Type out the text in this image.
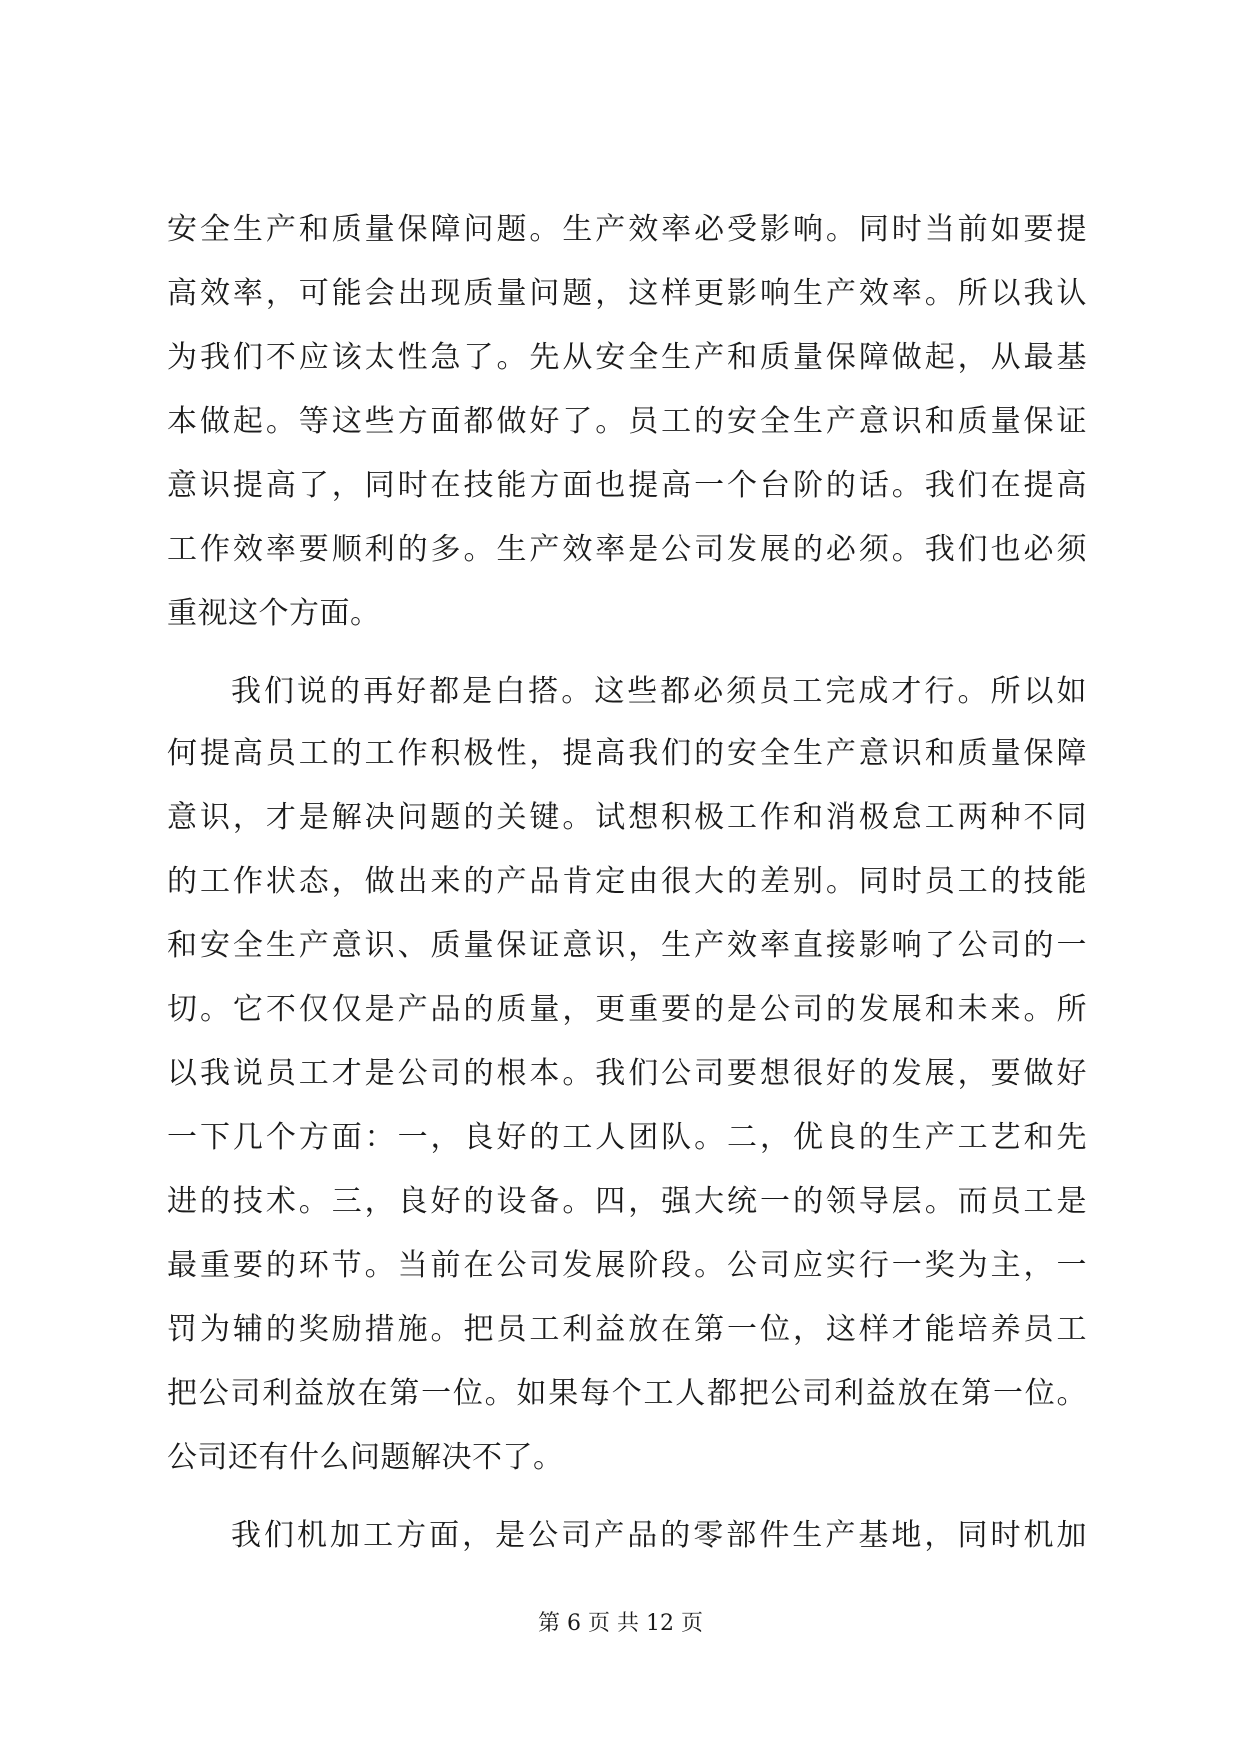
安全生产和质量保障问题。生产效率必受影响。同时当前如要提
高效率，可能会出现质量问题，这样更影响生产效率。所以我认
为我们不应该太性急了。先从安全生产和质量保障做起，从最基
本做起。等这些方面都做好了。员工的安全生产意识和质量保证
意识提高了，同时在技能方面也提高一个台阶的话。我们在提高
工作效率要顺利的多。生产效率是公司发展的必须。我们也必须
重视这个方面。
我们说的再好都是白搭。这些都必须员工完成才行。所以如
何提高员工的工作积极性，提高我们的安全生产意识和质量保障
意识，才是解决问题的关键。试想积极工作和消极怠工两种不同
的工作状态，做出来的产品肯定由很大的差别。同时员工的技能
和安全生产意识、质量保证意识，生产效率直接影响了公司的一
切。它不仅仅是产品的质量，更重要的是公司的发展和未来。所
以我说员工才是公司的根本。我们公司要想很好的发展，要做好
一下几个方面：一，良好的工人团队。二，优良的生产工艺和先
进的技术。三，良好的设备。四，强大统一的领导层。而员工是
最重要的环节。当前在公司发展阶段。公司应实行一奖为主，一
罚为辅的奖励措施。把员工利益放在第一位，这样才能培养员工
把公司利益放在第一位。如果每个工人都把公司利益放在第一位。
公司还有什么问题解决不了。
我们机加工方面，是公司产品的零部件生产基地，同时机加
第 6 页 共 12 页
